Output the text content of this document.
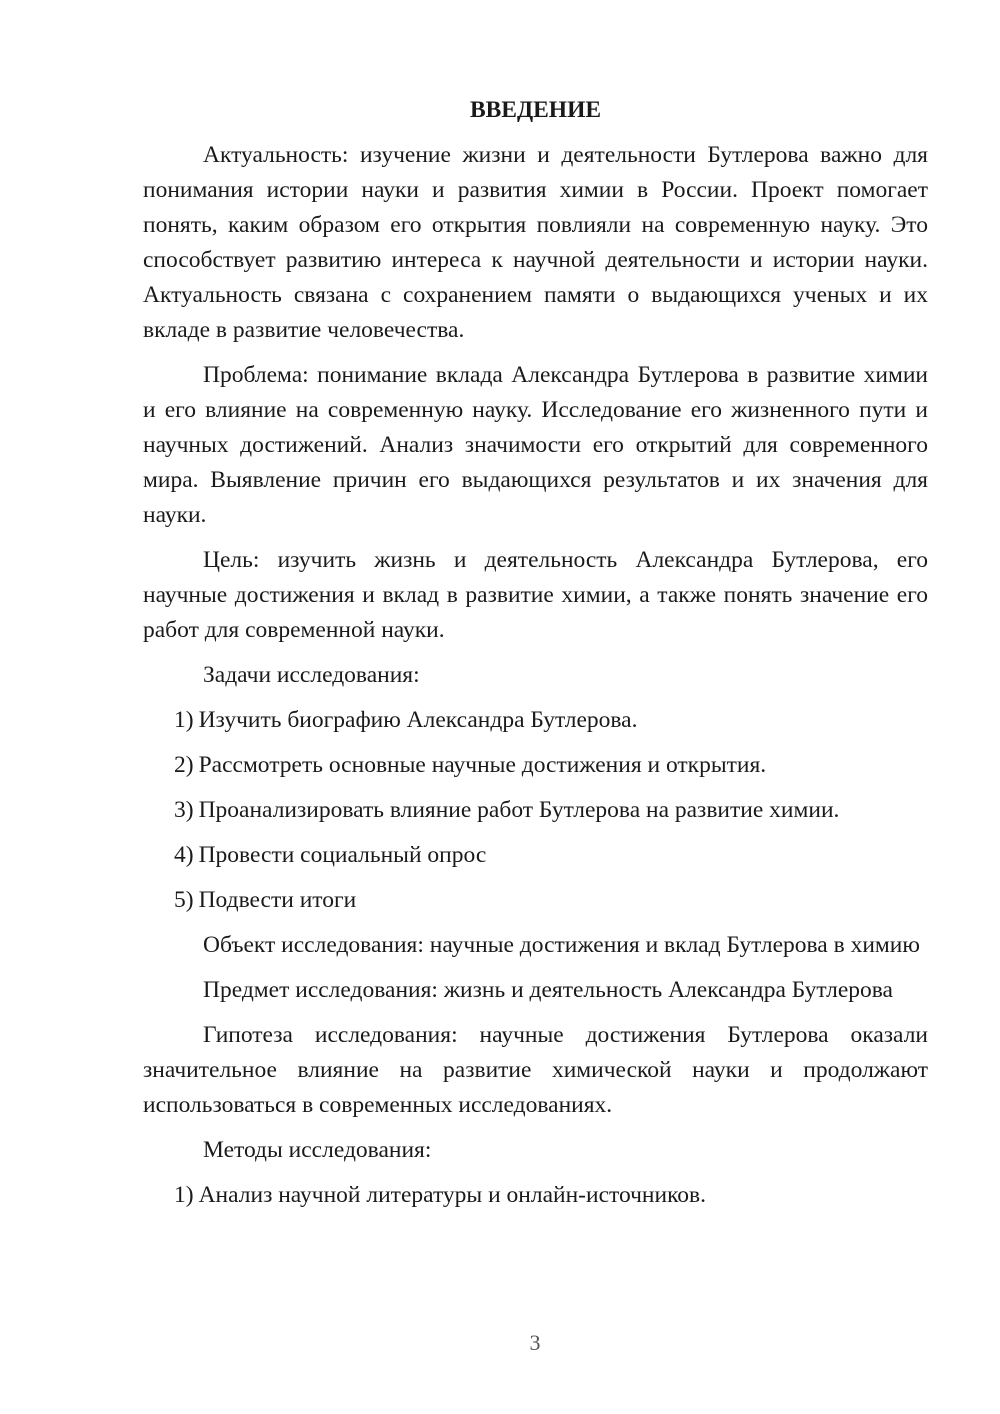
ВВЕДЕНИЕ

Актуальность: изучение жизни и деятельности Бутлерова важно для понимания истории науки и развития химии в России. Проект помогает понять, каким образом его открытия повлияли на современную науку. Это способствует развитию интереса к научной деятельности и истории науки. Актуальность связана с сохранением памяти о выдающихся ученых и их вкладе в развитие человечества.

Проблема: понимание вклада Александра Бутлерова в развитие химии и его влияние на современную науку. Исследование его жизненного пути и научных достижений. Анализ значимости его открытий для современного мира. Выявление причин его выдающихся результатов и их значения для науки.

Цель: изучить жизнь и деятельность Александра Бутлерова, его научные достижения и вклад в развитие химии, а также понять значение его работ для современной науки.

Задачи исследования:

1) Изучить биографию Александра Бутлерова.
2) Рассмотреть основные научные достижения и открытия.
3) Проанализировать влияние работ Бутлерова на развитие химии.
4) Провести социальный опрос
5) Подвести итоги

Объект исследования: научные достижения и вклад Бутлерова в химию

Предмет исследования: жизнь и деятельность Александра Бутлерова

Гипотеза исследования: научные достижения Бутлерова оказали значительное влияние на развитие химической науки и продолжают использоваться в современных исследованиях.

Методы исследования:

1) Анализ научной литературы и онлайн-источников.
3
